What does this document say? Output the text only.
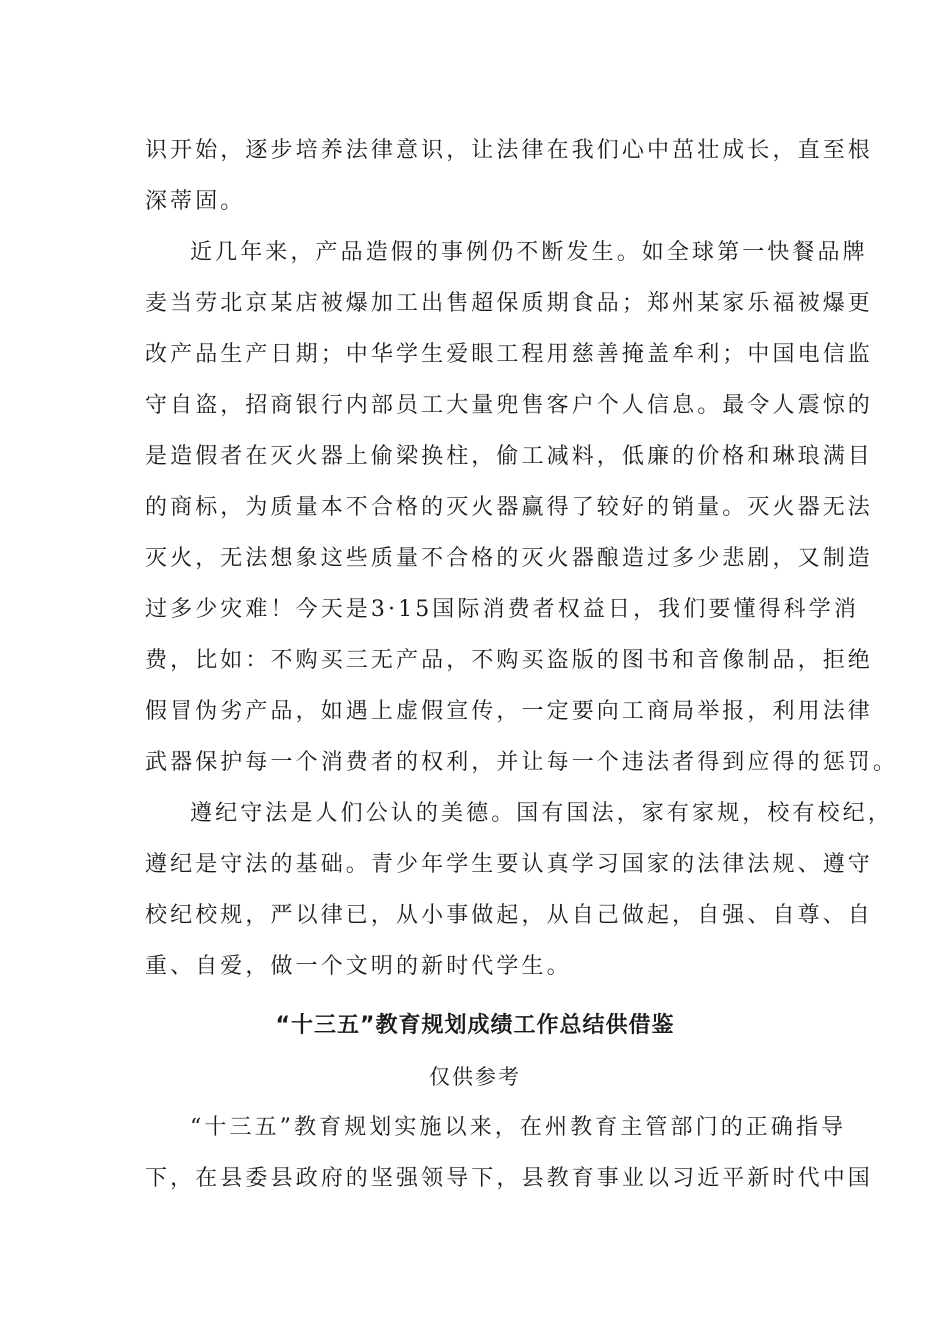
识开始，逐步培养法律意识，让法律在我们心中茁壮成长，直至根
深蒂固。
近几年来，产品造假的事例仍不断发生。如全球第一快餐品牌
麦当劳北京某店被爆加工出售超保质期食品；郑州某家乐福被爆更
改产品生产日期；中华学生爱眼工程用慈善掩盖牟利；中国电信监
守自盗，招商银行内部员工大量兜售客户个人信息。最令人震惊的
是造假者在灭火器上偷梁换柱，偷工减料，低廉的价格和琳琅满目
的商标，为质量本不合格的灭火器赢得了较好的销量。灭火器无法
灭火，无法想象这些质量不合格的灭火器酿造过多少悲剧，又制造
过多少灾难！今天是3·15国际消费者权益日，我们要懂得科学消
费，比如：不购买三无产品，不购买盗版的图书和音像制品，拒绝
假冒伪劣产品，如遇上虚假宣传，一定要向工商局举报，利用法律
武器保护每一个消费者的权利，并让每一个违法者得到应得的惩罚。
遵纪守法是人们公认的美德。国有国法，家有家规，校有校纪，
遵纪是守法的基础。青少年学生要认真学习国家的法律法规、遵守
校纪校规，严以律已，从小事做起，从自己做起，自强、自尊、自
重、自爱，做一个文明的新时代学生。
“十三五”教育规划成绩工作总结供借鉴
仅供参考
“十三五”教育规划实施以来，在州教育主管部门的正确指导
下，在县委县政府的坚强领导下，县教育事业以习近平新时代中国
